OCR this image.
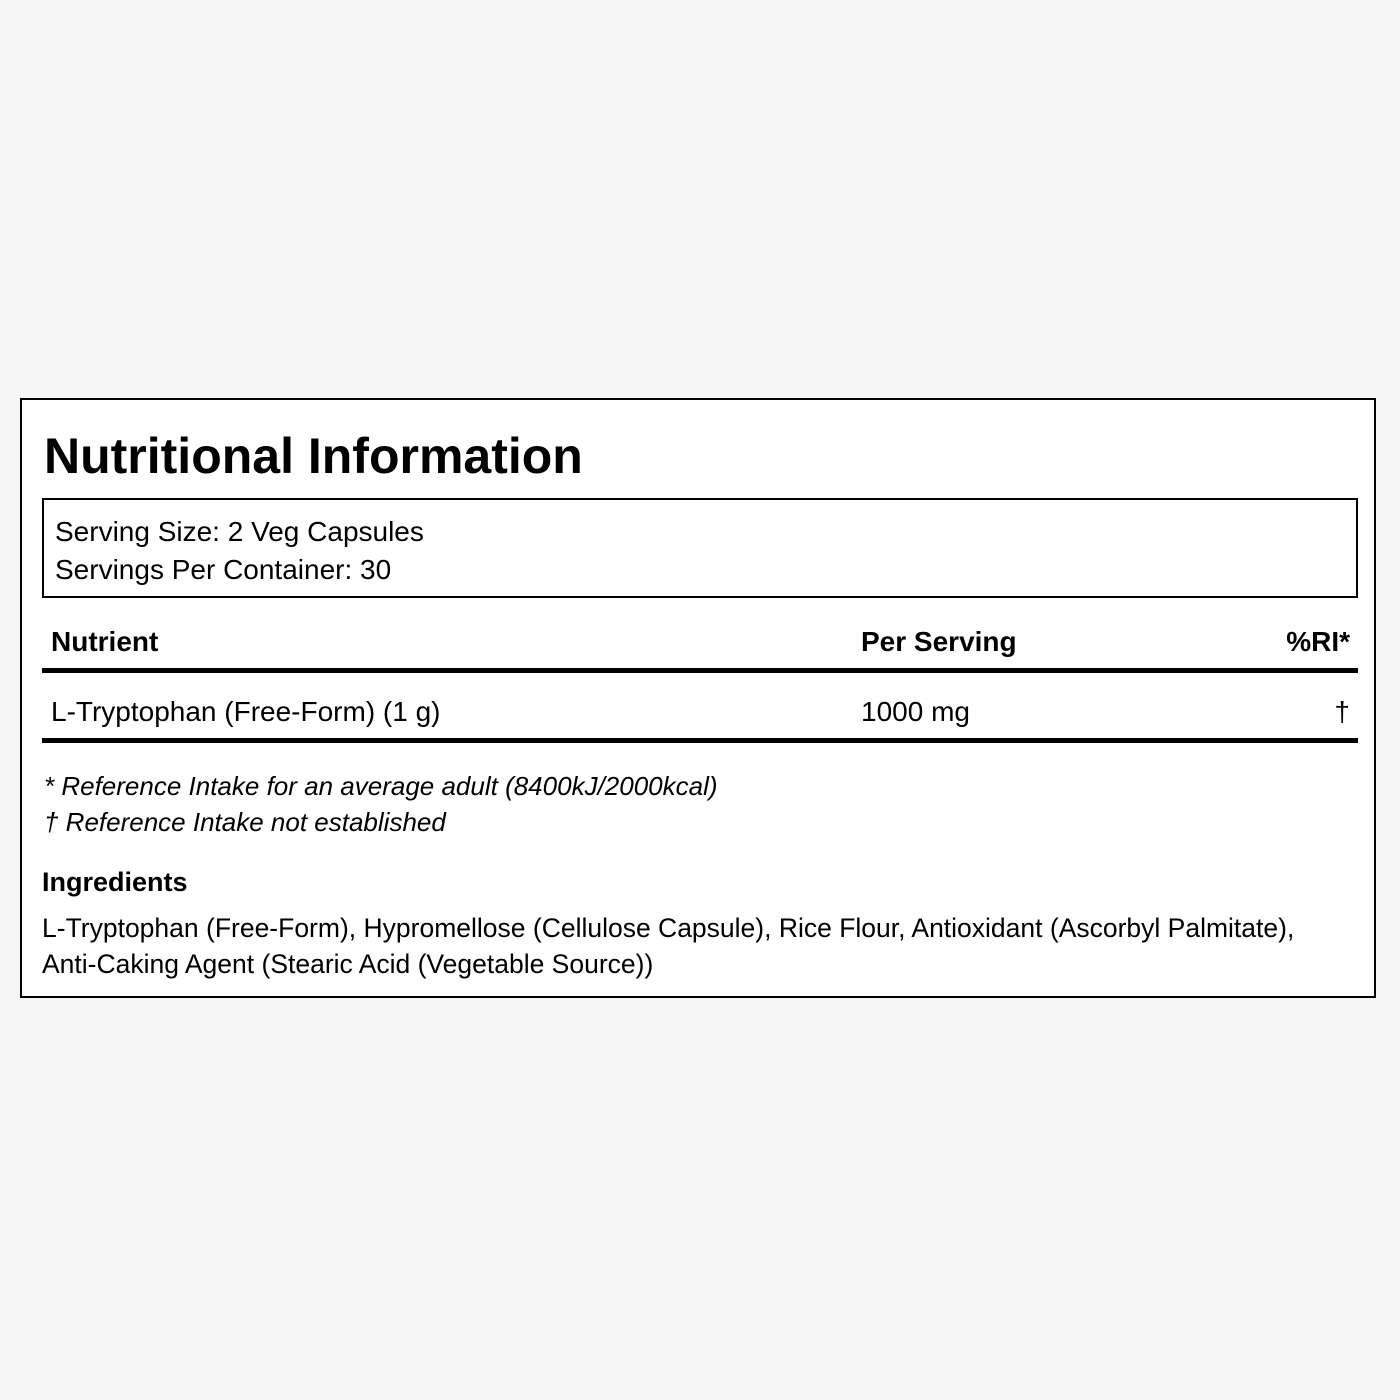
Nutritional Information
Serving Size: 2 Veg Capsules
Servings Per Container: 30
Nutrient	Per Serving	%RI*
L-Tryptophan (Free-Form) (1 g)	1000 mg	†
* Reference Intake for an average adult (8400kJ/2000kcal)
† Reference Intake not established
Ingredients

L-Tryptophan (Free-Form), Hypromellose (Cellulose Capsule), Rice Flour, Antioxidant (Ascorbyl Palmitate), Anti-Caking Agent (Stearic Acid (Vegetable Source))
